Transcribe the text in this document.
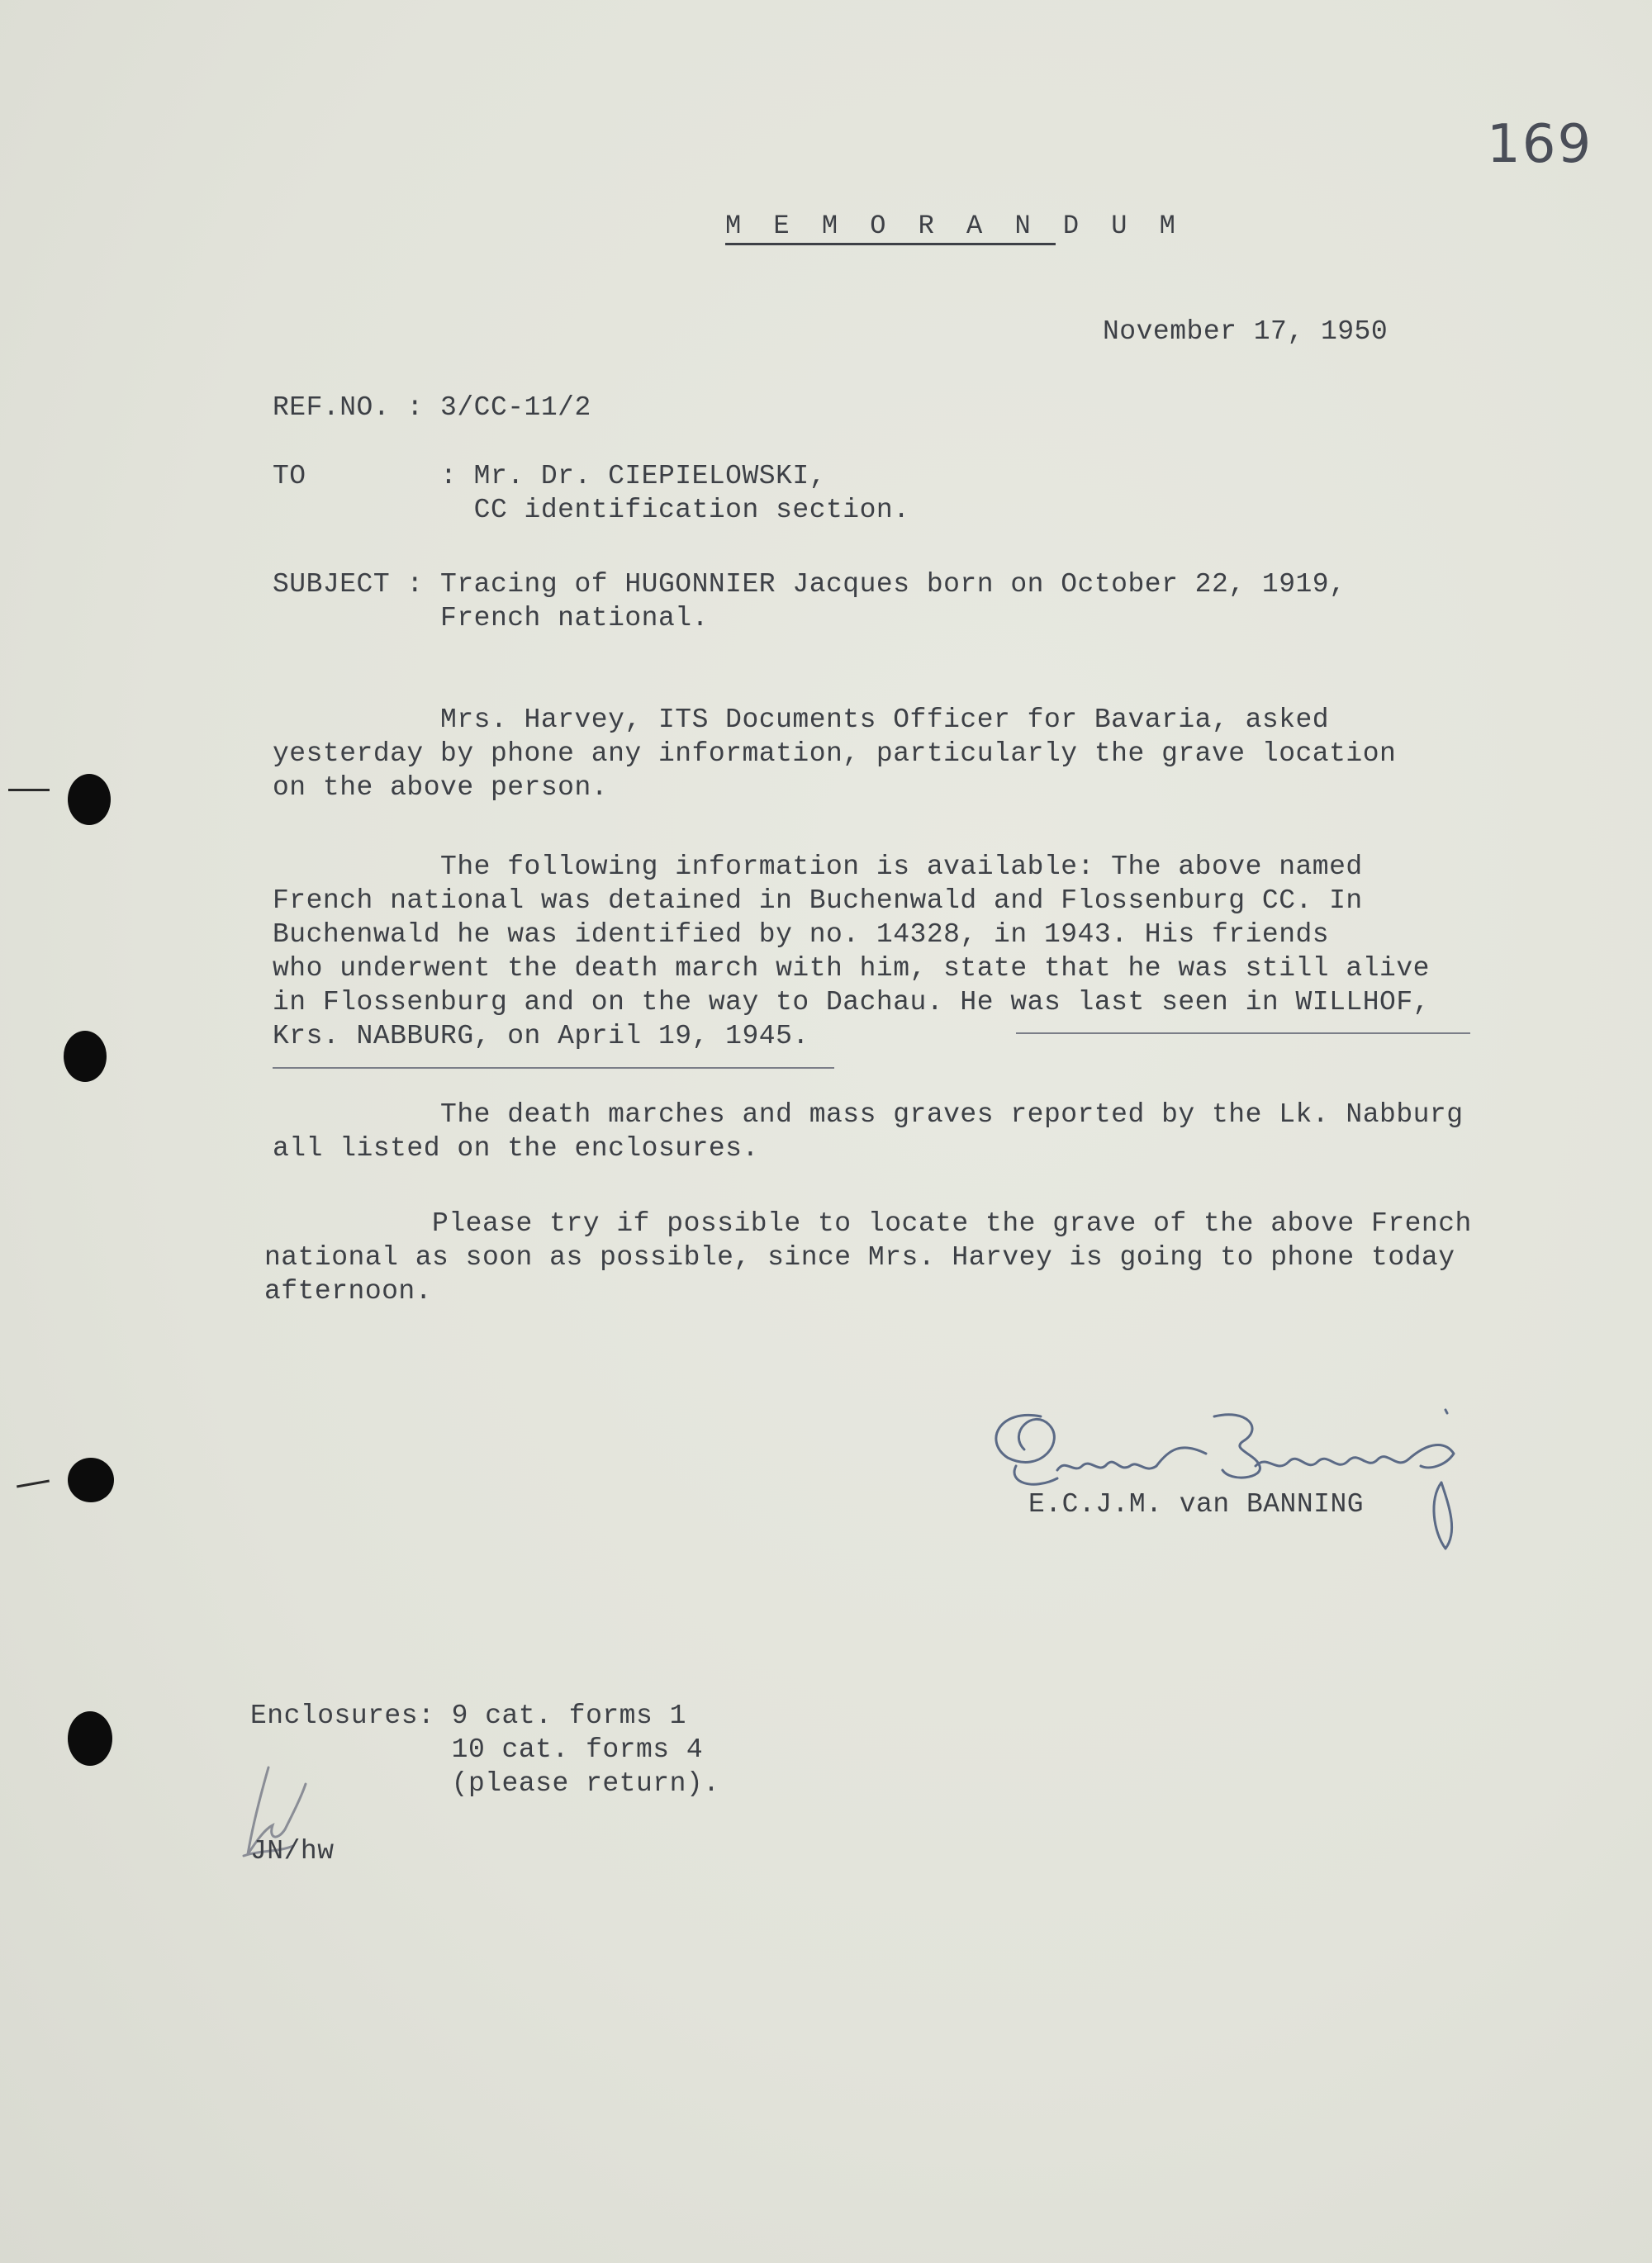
169
M E M O R A N D U M
November 17, 1950
REF.NO. : 3/CC-11/2
TO        : Mr. Dr. CIEPIELOWSKI,
CC identification section.
SUBJECT : Tracing of HUGONNIER Jacques born on October 22, 1919,
French national.
Mrs. Harvey, ITS Documents Officer for Bavaria, asked
yesterday by phone any information, particularly the grave location
on the above person.
The following information is available: The above named
French national was detained in Buchenwald and Flossenburg CC. In
Buchenwald he was identified by no. 14328, in 1943. His friends
who underwent the death march with him, state that he was still alive
in Flossenburg and on the way to Dachau. He was last seen in WILLHOF,
Krs. NABBURG, on April 19, 1945.
The death marches and mass graves reported by the Lk. Nabburg
all listed on the enclosures.
Please try if possible to locate the grave of the above French
national as soon as possible, since Mrs. Harvey is going to phone today
afternoon.
E.C.J.M. van BANNING
Enclosures: 9 cat. forms 1
10 cat. forms 4
(please return).
JN/hw
